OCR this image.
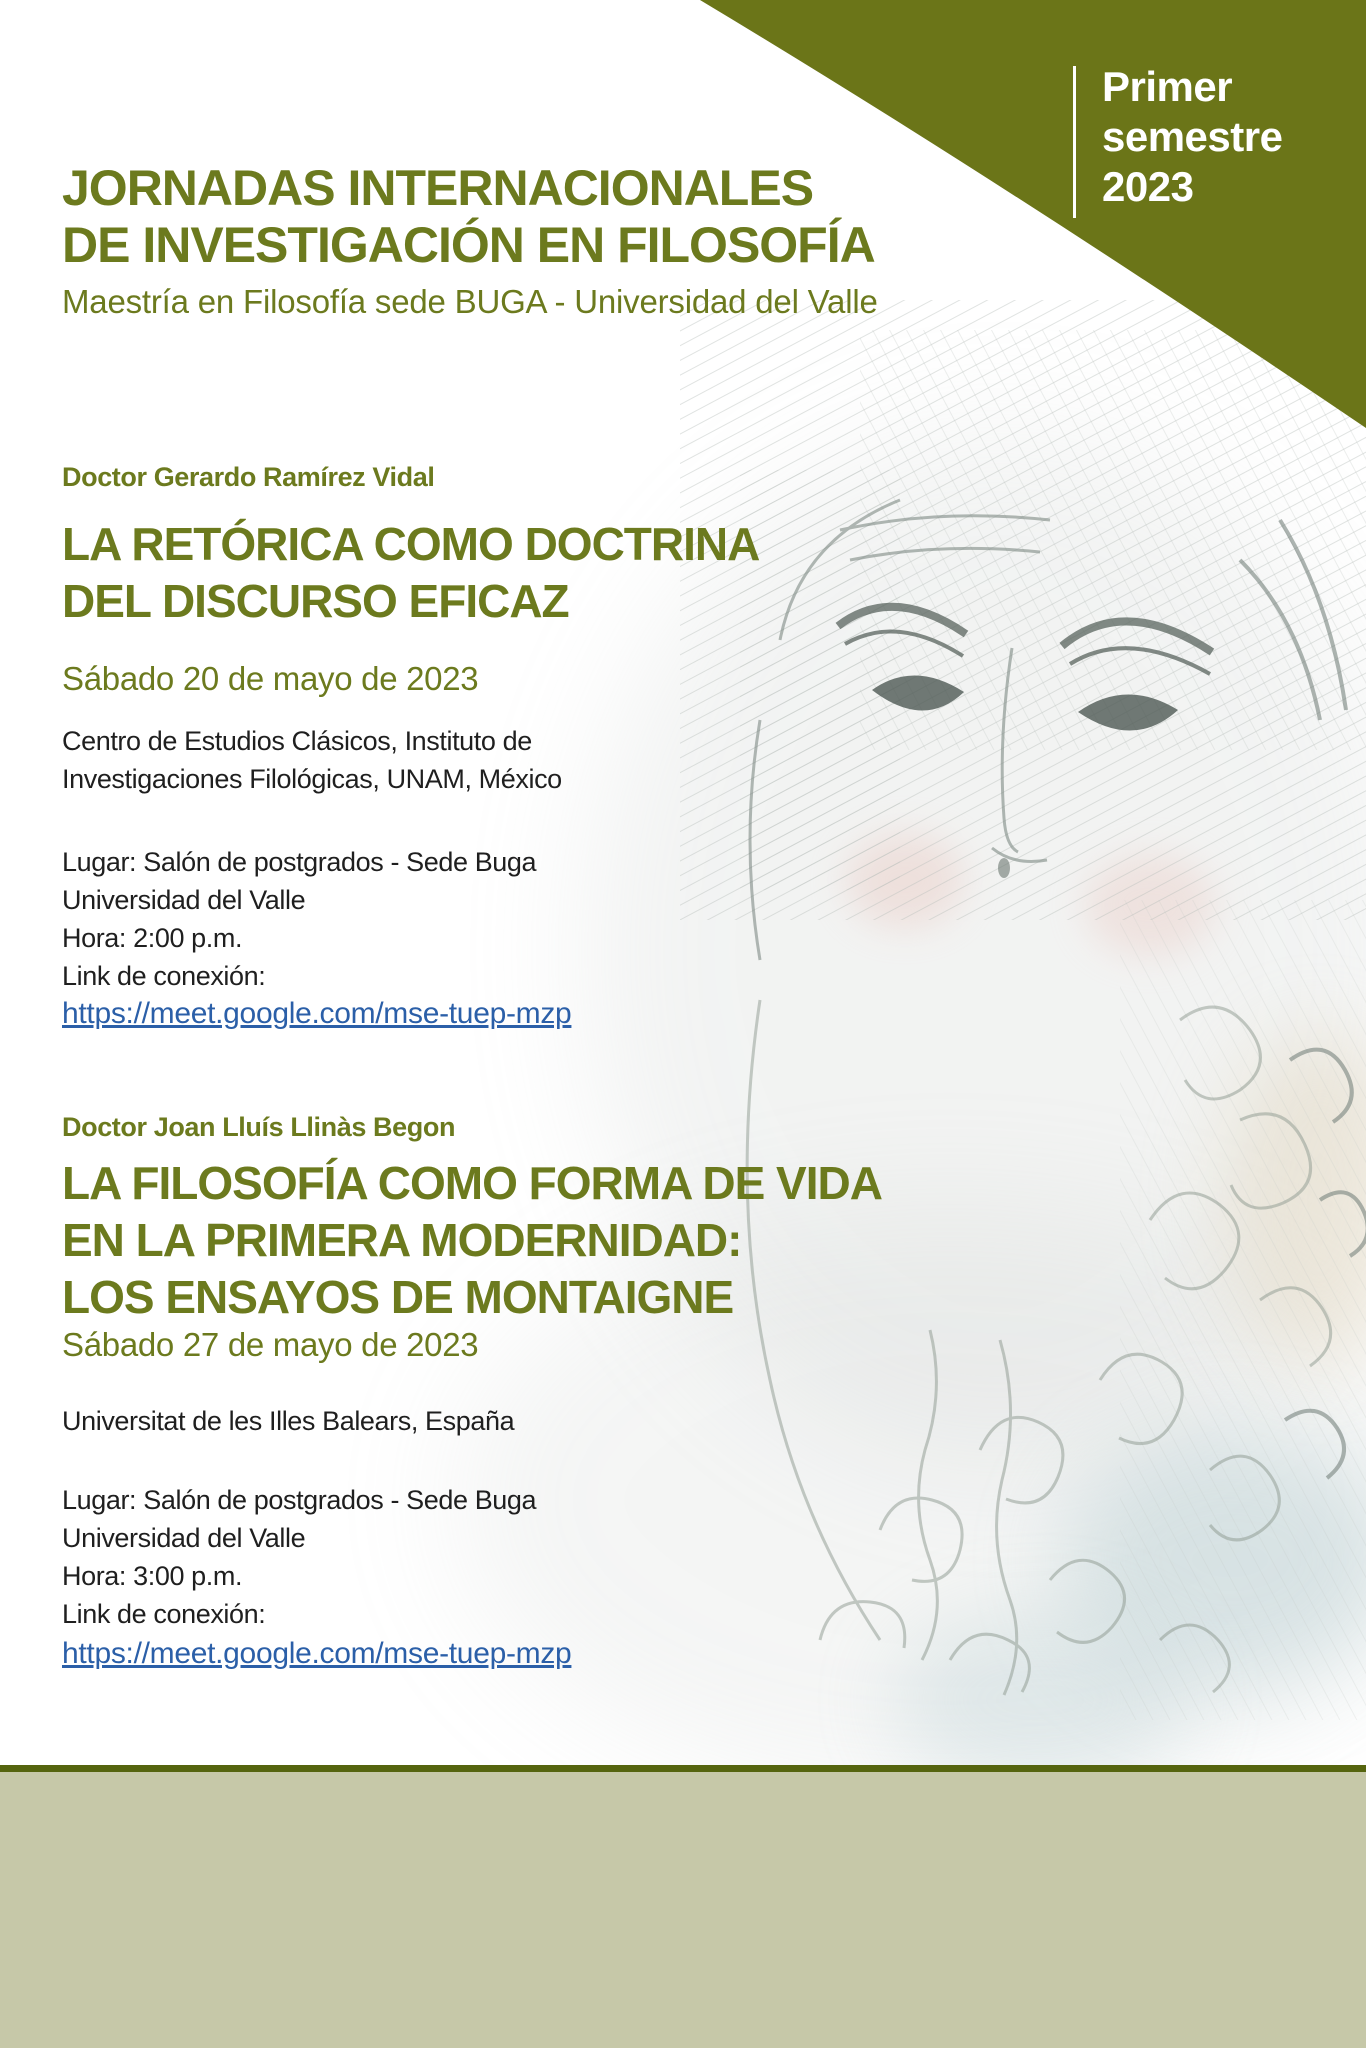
Primer
semestre
2023
JORNADAS INTERNACIONALES
DE INVESTIGACIÓN EN FILOSOFÍA
Maestría en Filosofía sede BUGA - Universidad del Valle
Doctor Gerardo Ramírez Vidal
LA RETÓRICA COMO DOCTRINA
DEL DISCURSO EFICAZ
Sábado 20 de mayo de 2023
Centro de Estudios Clásicos, Instituto de
Investigaciones Filológicas, UNAM, México
Lugar: Salón de postgrados - Sede Buga
Universidad del Valle
Hora: 2:00 p.m.
Link de conexión:
https://meet.google.com/mse-tuep-mzp
Doctor Joan Lluís Llinàs Begon
LA FILOSOFÍA COMO FORMA DE VIDA
EN LA PRIMERA MODERNIDAD:
LOS ENSAYOS DE MONTAIGNE
Sábado 27 de mayo de 2023
Universitat de les Illes Balears, España
Lugar: Salón de postgrados - Sede Buga
Universidad del Valle
Hora: 3:00 p.m.
Link de conexión:
https://meet.google.com/mse-tuep-mzp
